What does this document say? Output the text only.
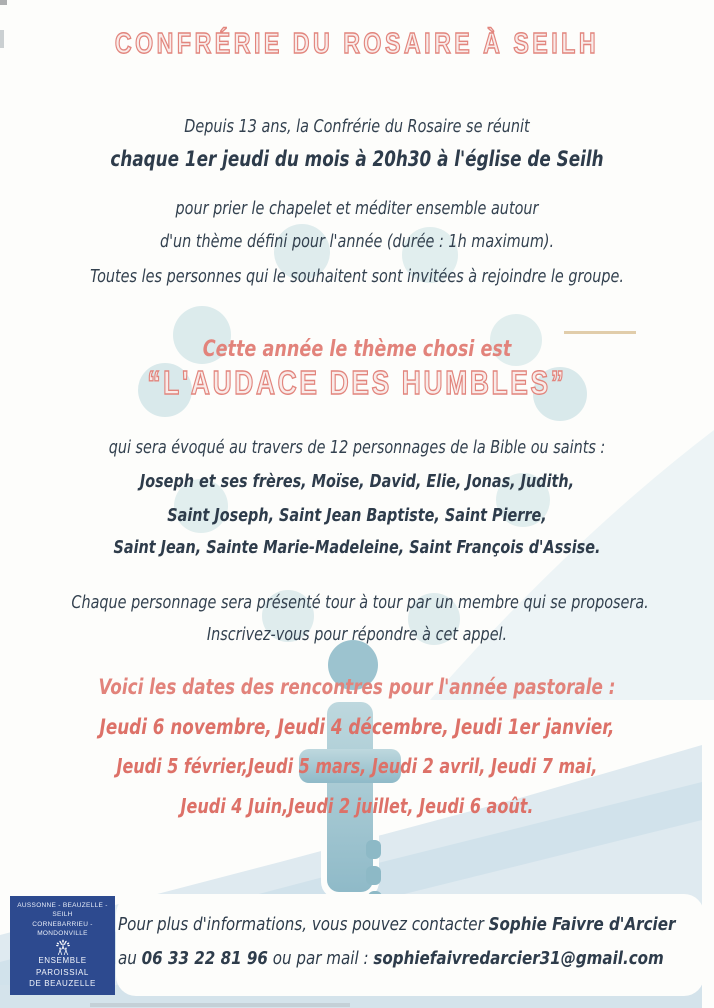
CONFRÉRIE DU ROSAIRE À SEILH
Depuis 13 ans, la Confrérie du Rosaire se réunit
chaque 1er jeudi du mois à 20h30 à l'église de Seilh
pour prier le chapelet et méditer ensemble autour
d'un thème défini pour l'année (durée : 1h maximum).
Toutes les personnes qui le souhaitent sont invitées à rejoindre le groupe.
Cette année le thème chosi est
“L'AUDACE DES HUMBLES”
qui sera évoqué au travers de 12 personnages de la Bible ou saints :
Joseph et ses frères, Moïse, David, Elie, Jonas, Judith,
Saint Joseph, Saint Jean Baptiste, Saint Pierre,
Saint Jean, Sainte Marie-Madeleine, Saint François d'Assise.
Chaque personnage sera présenté tour à tour par un membre qui se proposera.
Inscrivez-vous pour répondre à cet appel.
Voici les dates des rencontres pour l'année pastorale :
Jeudi 6 novembre, Jeudi 4 décembre, Jeudi 1er janvier,
Jeudi 5 février,Jeudi 5 mars, Jeudi 2 avril, Jeudi 7 mai,
Jeudi 4 Juin,Jeudi 2 juillet, Jeudi 6 août.
Pour plus d'informations, vous pouvez contacter Sophie Faivre d'Arcier
au 06 33 22 81 96 ou par mail : sophiefaivredarcier31@gmail.com
AUSSONNE - BEAUZELLE - SEILH
CORNEBARRIEU - MONDONVILLE
ENSEMBLE PAROISSIAL
DE BEAUZELLE
